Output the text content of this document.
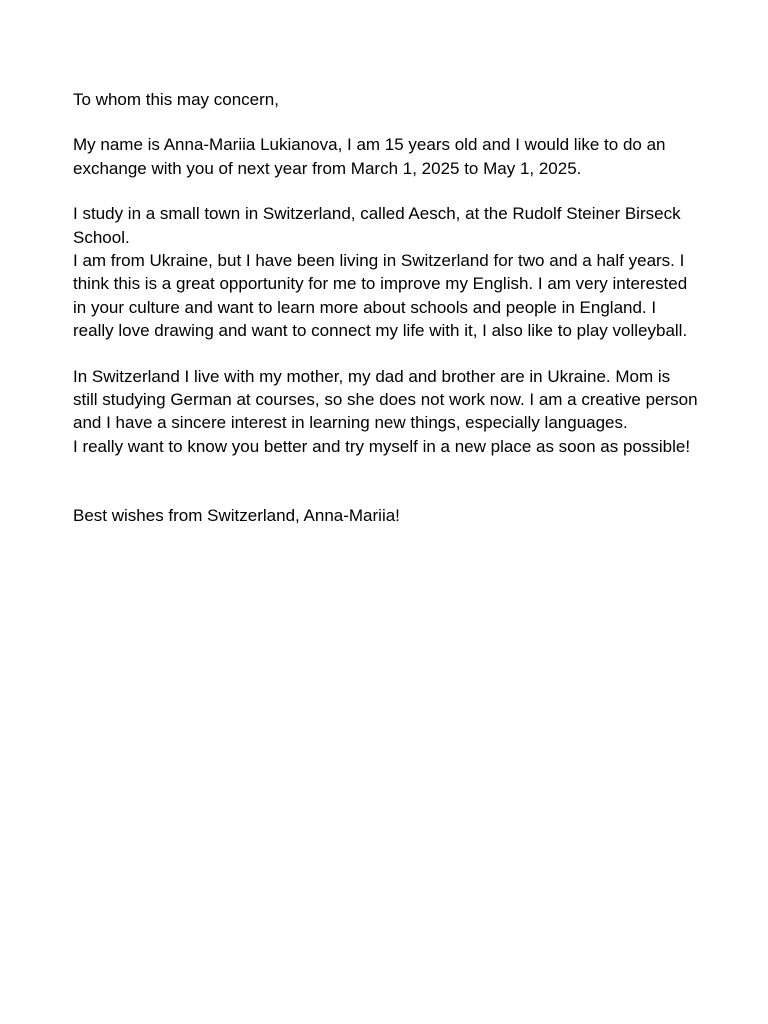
To whom this may concern,

My name is Anna-Mariia Lukianova, I am 15 years old and I would like to do an exchange with you of next year from March 1, 2025 to May 1, 2025.

I study in a small town in Switzerland, called Aesch, at the Rudolf Steiner Birseck School.

I am from Ukraine, but I have been living in Switzerland for two and a half years. I think this is a great opportunity for me to improve my English. I am very interested in your culture and want to learn more about schools and people in England. I really love drawing and want to connect my life with it, I also like to play volleyball.

In Switzerland I live with my mother, my dad and brother are in Ukraine. Mom is still studying German at courses, so she does not work now. I am a creative person and I have a sincere interest in learning new things, especially languages.

I really want to know you better and try myself in a new place as soon as possible!

Best wishes from Switzerland, Anna-Mariia!
